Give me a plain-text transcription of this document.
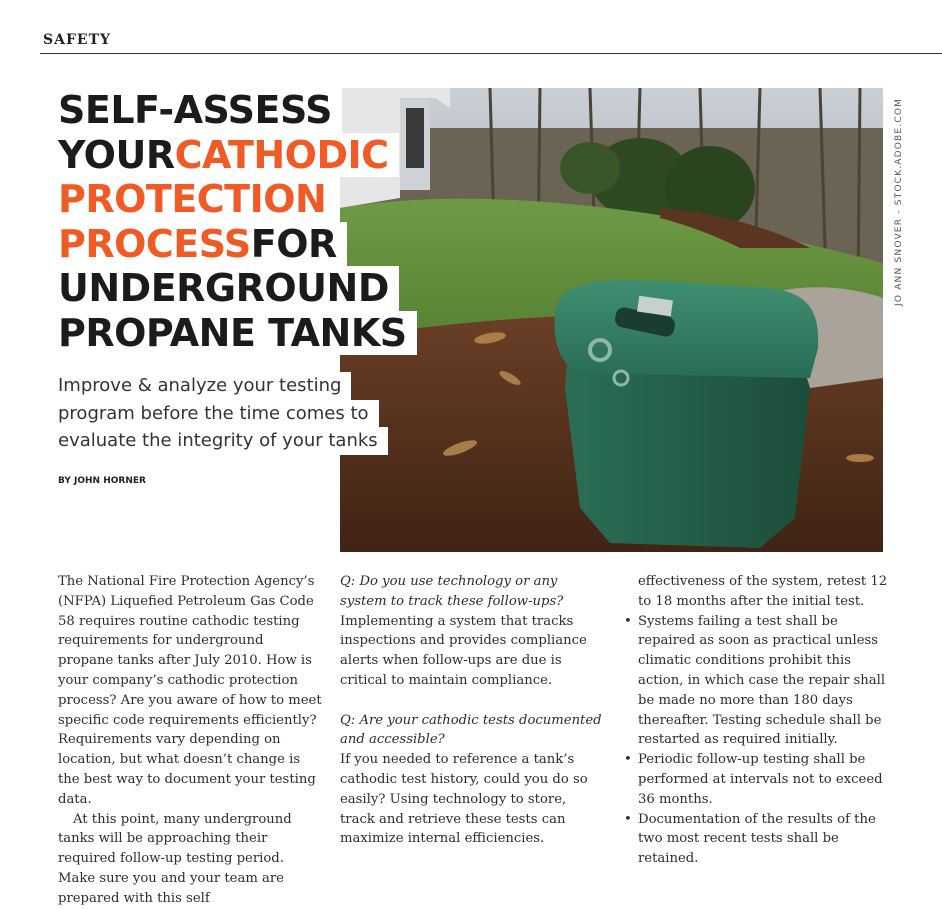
SAFETY
JO ANN SNOVER - STOCK.ADOBE.COM
SELF-ASSESS
YOURCATHODIC
PROTECTION
PROCESSFOR
UNDERGROUND
PROPANE TANKS
Improve & analyze your testing
program before the time comes to
evaluate the integrity of your tanks
BY JOHN HORNER

The National Fire Protection Agency’s (NFPA) Liquefied Petroleum Gas Code 58 requires routine cathodic testing requirements for underground propane tanks after July 2010. How is your company’s cathodic protection process? Are you aware of how to meet specific code requirements efficiently? Requirements vary depending on location, but what doesn’t change is the best way to document your testing data.

At this point, many underground tanks will be approaching their required follow-up testing period. Make sure you and your team are prepared with this self

Q: Do you use technology or any system to track these follow-ups?

Implementing a system that tracks inspections and provides compliance alerts when follow-ups are due is critical to maintain compliance.

Q: Are your cathodic tests documented and accessible?

If you needed to reference a tank’s cathodic test history, could you do so easily? Using technology to store, track and retrieve these tests can maximize internal efficiencies.

effectiveness of the system, retest 12 to 18 months after the initial test.

• Systems failing a test shall be repaired as soon as practical unless climatic conditions prohibit this action, in which case the repair shall be made no more than 180 days thereafter. Testing schedule shall be restarted as required initially.
• Periodic follow-up testing shall be performed at intervals not to exceed 36 months.
• Documentation of the results of the two most recent tests shall be retained.
